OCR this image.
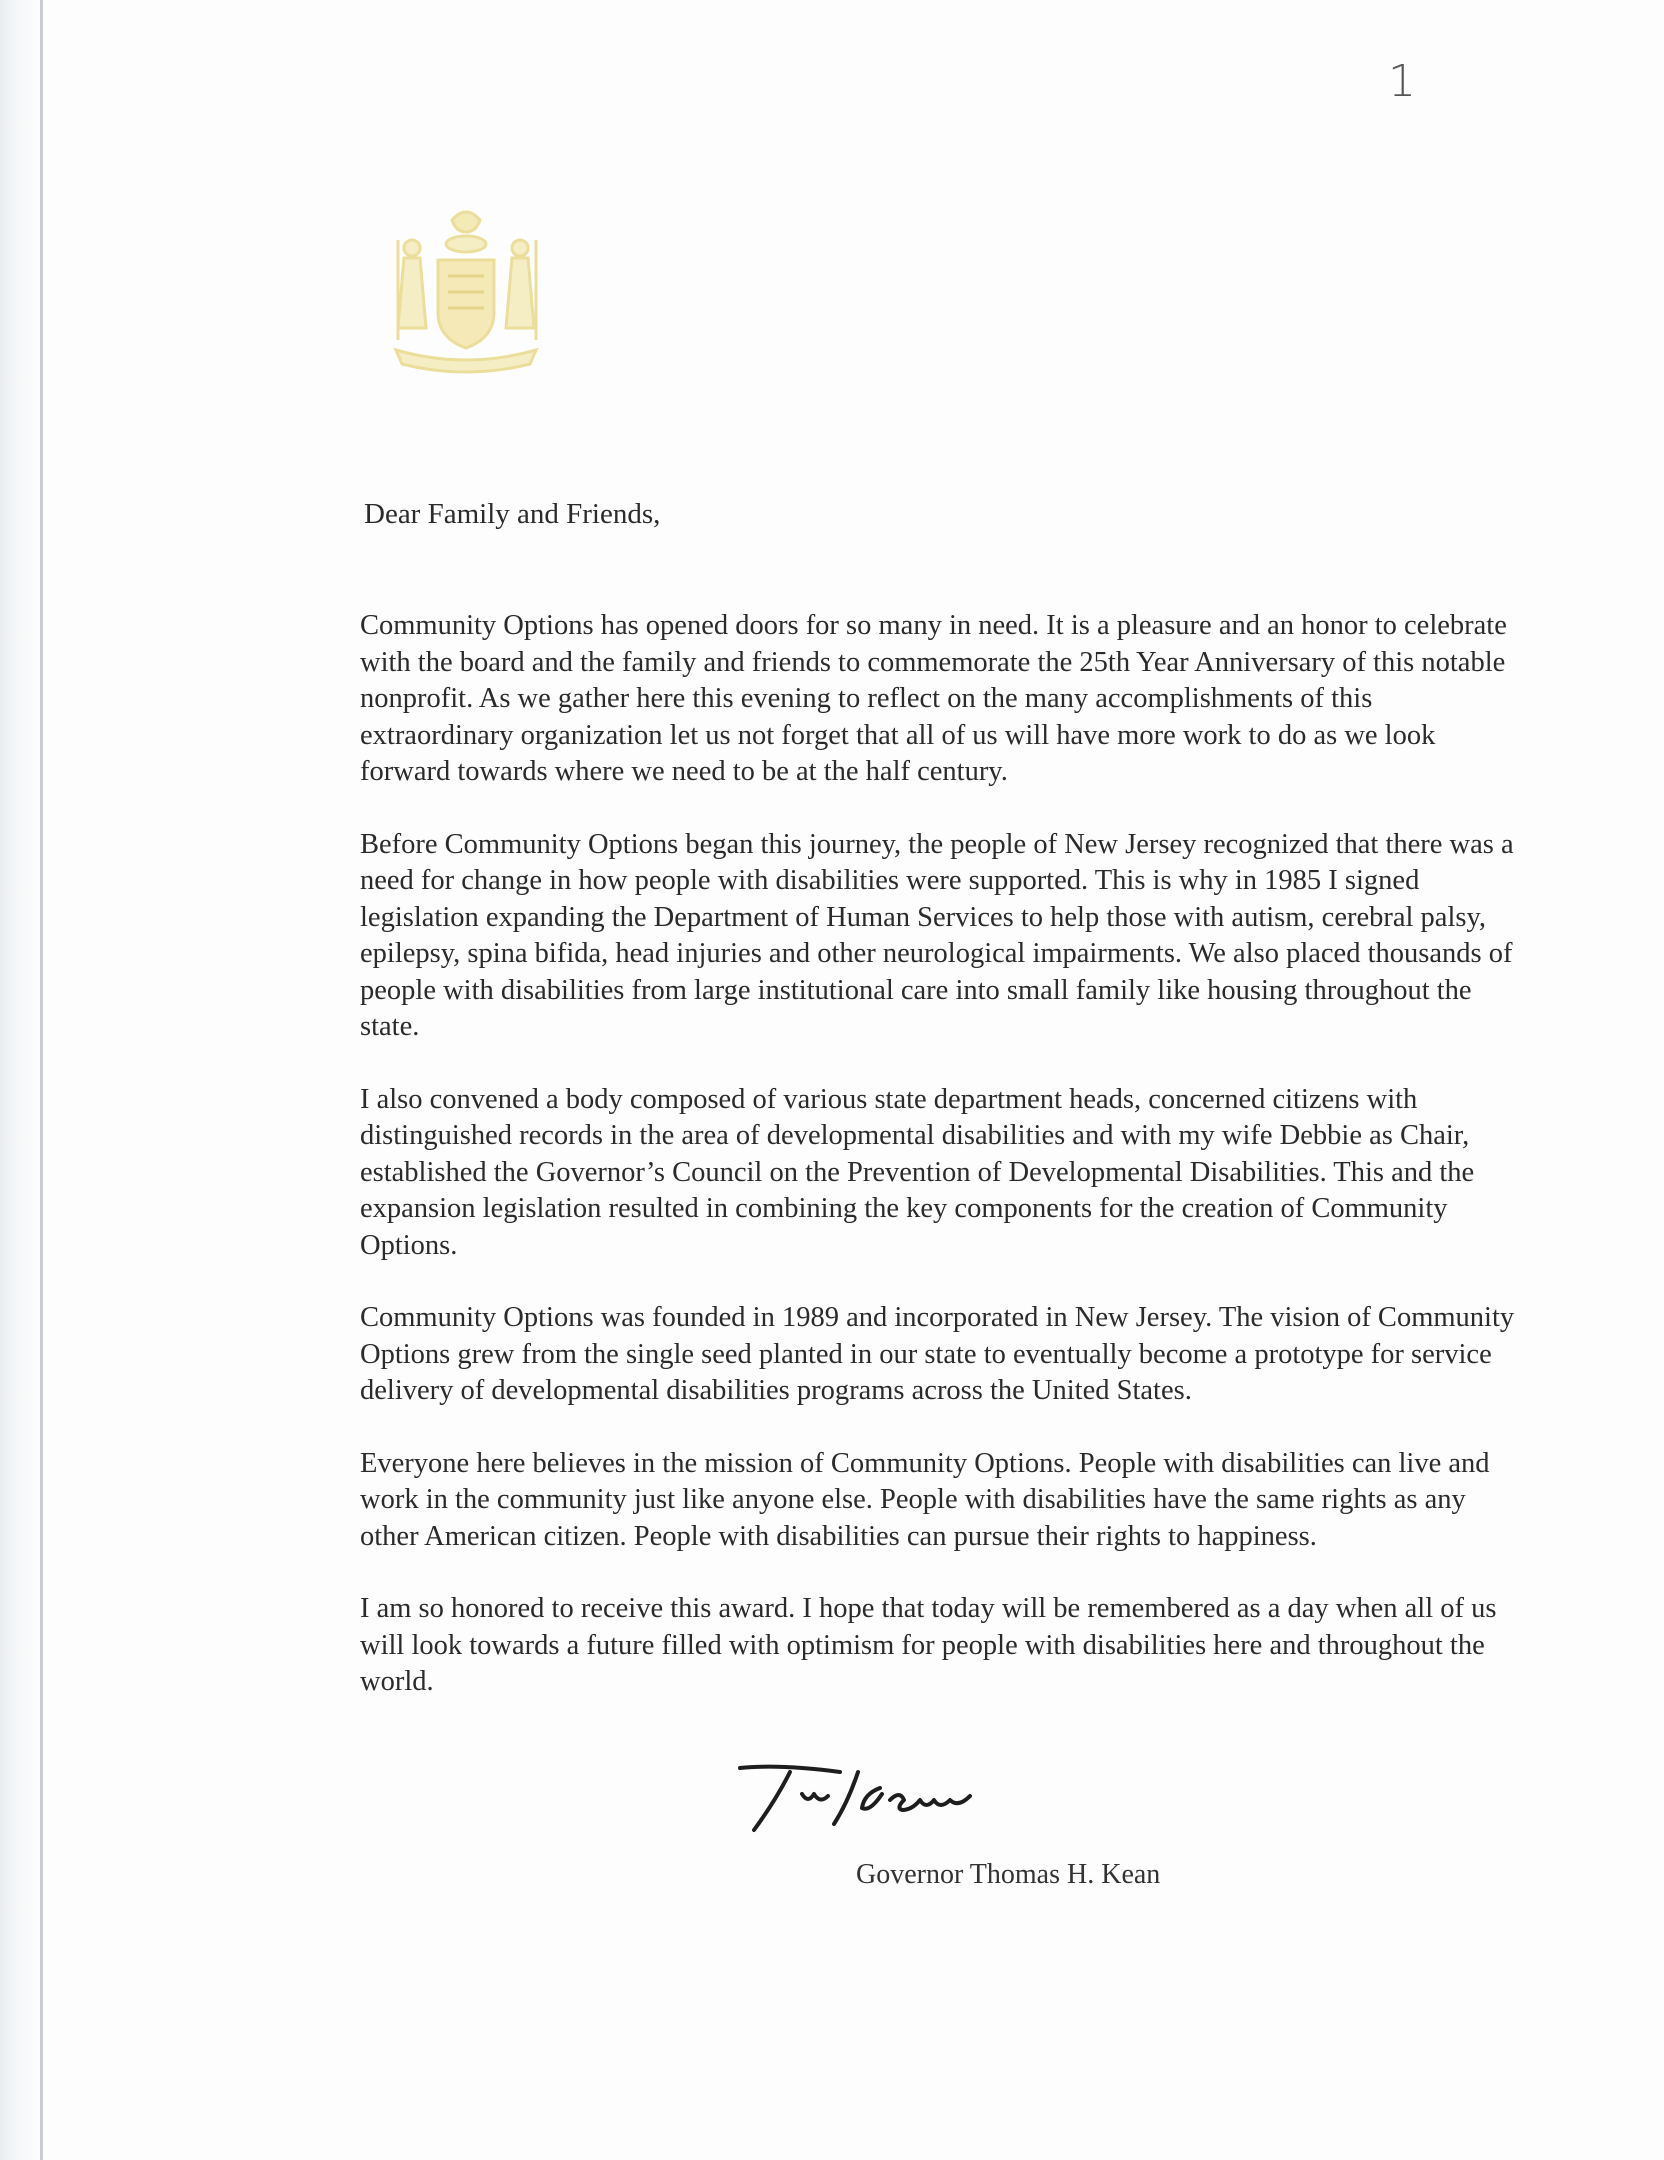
1

Dear Family and Friends,

Community Options has opened doors for so many in need. It is a pleasure and an honor to celebrate with the board and the family and friends to commemorate the 25th Year Anniversary of this notable nonprofit. As we gather here this evening to reflect on the many accomplishments of this extraordinary organization let us not forget that all of us will have more work to do as we look forward towards where we need to be at the half century.

Before Community Options began this journey, the people of New Jersey recognized that there was a need for change in how people with disabilities were supported. This is why in 1985 I signed legislation expanding the Department of Human Services to help those with autism, cerebral palsy, epilepsy, spina bifida, head injuries and other neurological impairments. We also placed thousands of people with disabilities from large institutional care into small family like housing throughout the state.

I also convened a body composed of various state department heads, concerned citizens with distinguished records in the area of developmental disabilities and with my wife Debbie as Chair, established the Governor’s Council on the Prevention of Developmental Disabilities. This and the expansion legislation resulted in combining the key components for the creation of Community Options.

Community Options was founded in 1989 and incorporated in New Jersey. The vision of Community Options grew from the single seed planted in our state to eventually become a prototype for service delivery of developmental disabilities programs across the United States.

Everyone here believes in the mission of Community Options. People with disabilities can live and work in the community just like anyone else. People with disabilities have the same rights as any other American citizen. People with disabilities can pursue their rights to happiness.

I am so honored to receive this award. I hope that today will be remembered as a day when all of us will look towards a future filled with optimism for people with disabilities here and throughout the world.

Governor Thomas H. Kean
